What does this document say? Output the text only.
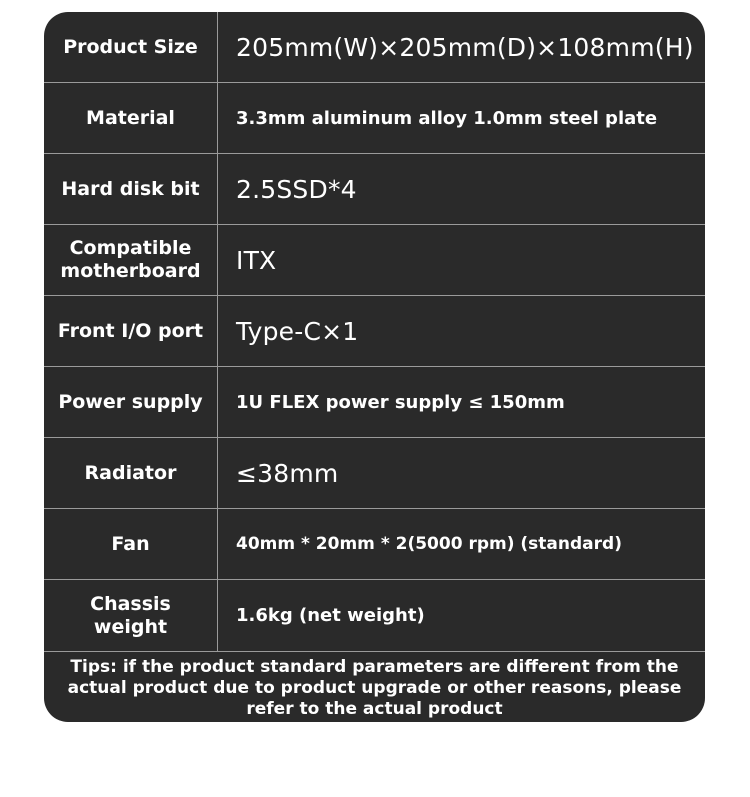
Product Size	205mm(W)×205mm(D)×108mm(H)
Material	3.3mm aluminum alloy 1.0mm steel plate
Hard disk bit	2.5SSD*4
Compatible motherboard	ITX
Front I/O port	Type-C×1
Power supply	1U FLEX power supply ≤ 150mm
Radiator	≤38mm
Fan	40mm * 20mm * 2(5000 rpm) (standard)
Chassis weight	1.6kg (net weight)
Tips: if the product standard parameters are different from the actual product due to product upgrade or other reasons, please refer to the actual product
